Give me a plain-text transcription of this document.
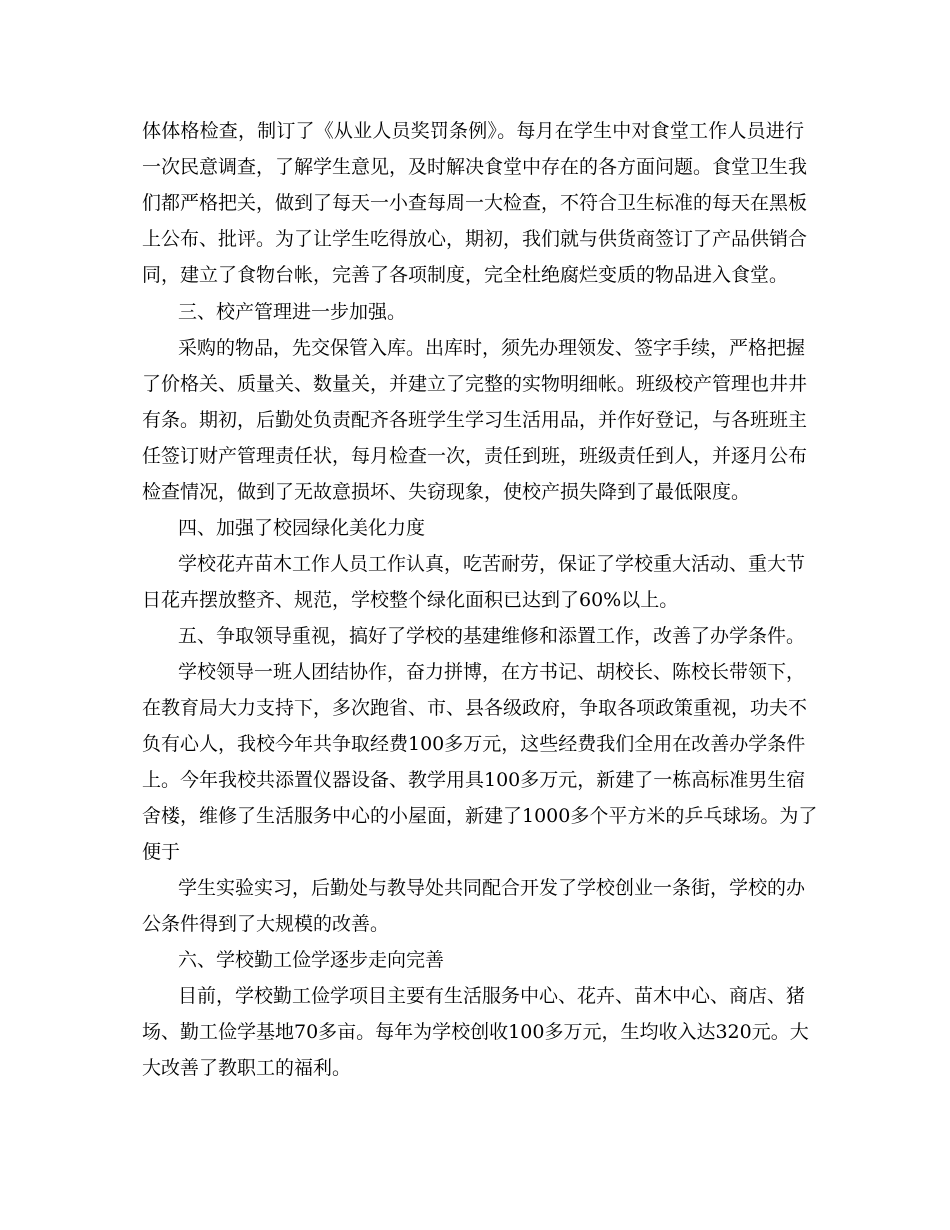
体体格检查，制订了《从业人员奖罚条例》。每月在学生中对食堂工作人员进行

一次民意调查，了解学生意见，及时解决食堂中存在的各方面问题。食堂卫生我

们都严格把关，做到了每天一小查每周一大检查，不符合卫生标准的每天在黑板

上公布、批评。为了让学生吃得放心，期初，我们就与供货商签订了产品供销合

同，建立了食物台帐，完善了各项制度，完全杜绝腐烂变质的物品进入食堂。

三、校产管理进一步加强。

采购的物品，先交保管入库。出库时，须先办理领发、签字手续，严格把握

了价格关、质量关、数量关，并建立了完整的实物明细帐。班级校产管理也井井

有条。期初，后勤处负责配齐各班学生学习生活用品，并作好登记，与各班班主

任签订财产管理责任状，每月检查一次，责任到班，班级责任到人，并逐月公布

检查情况，做到了无故意损坏、失窃现象，使校产损失降到了最低限度。

四、加强了校园绿化美化力度

学校花卉苗木工作人员工作认真，吃苦耐劳，保证了学校重大活动、重大节

日花卉摆放整齐、规范，学校整个绿化面积已达到了60%以上。

五、争取领导重视，搞好了学校的基建维修和添置工作，改善了办学条件。

学校领导一班人团结协作，奋力拼博，在方书记、胡校长、陈校长带领下，

在教育局大力支持下，多次跑省、市、县各级政府，争取各项政策重视，功夫不

负有心人，我校今年共争取经费100多万元，这些经费我们全用在改善办学条件

上。今年我校共添置仪器设备、教学用具100多万元，新建了一栋高标准男生宿

舍楼，维修了生活服务中心的小屋面，新建了1000多个平方米的乒乓球场。为了

便于

学生实验实习，后勤处与教导处共同配合开发了学校创业一条街，学校的办

公条件得到了大规模的改善。

六、学校勤工俭学逐步走向完善

目前，学校勤工俭学项目主要有生活服务中心、花卉、苗木中心、商店、猪

场、勤工俭学基地70多亩。每年为学校创收100多万元，生均收入达320元。大

大改善了教职工的福利。
